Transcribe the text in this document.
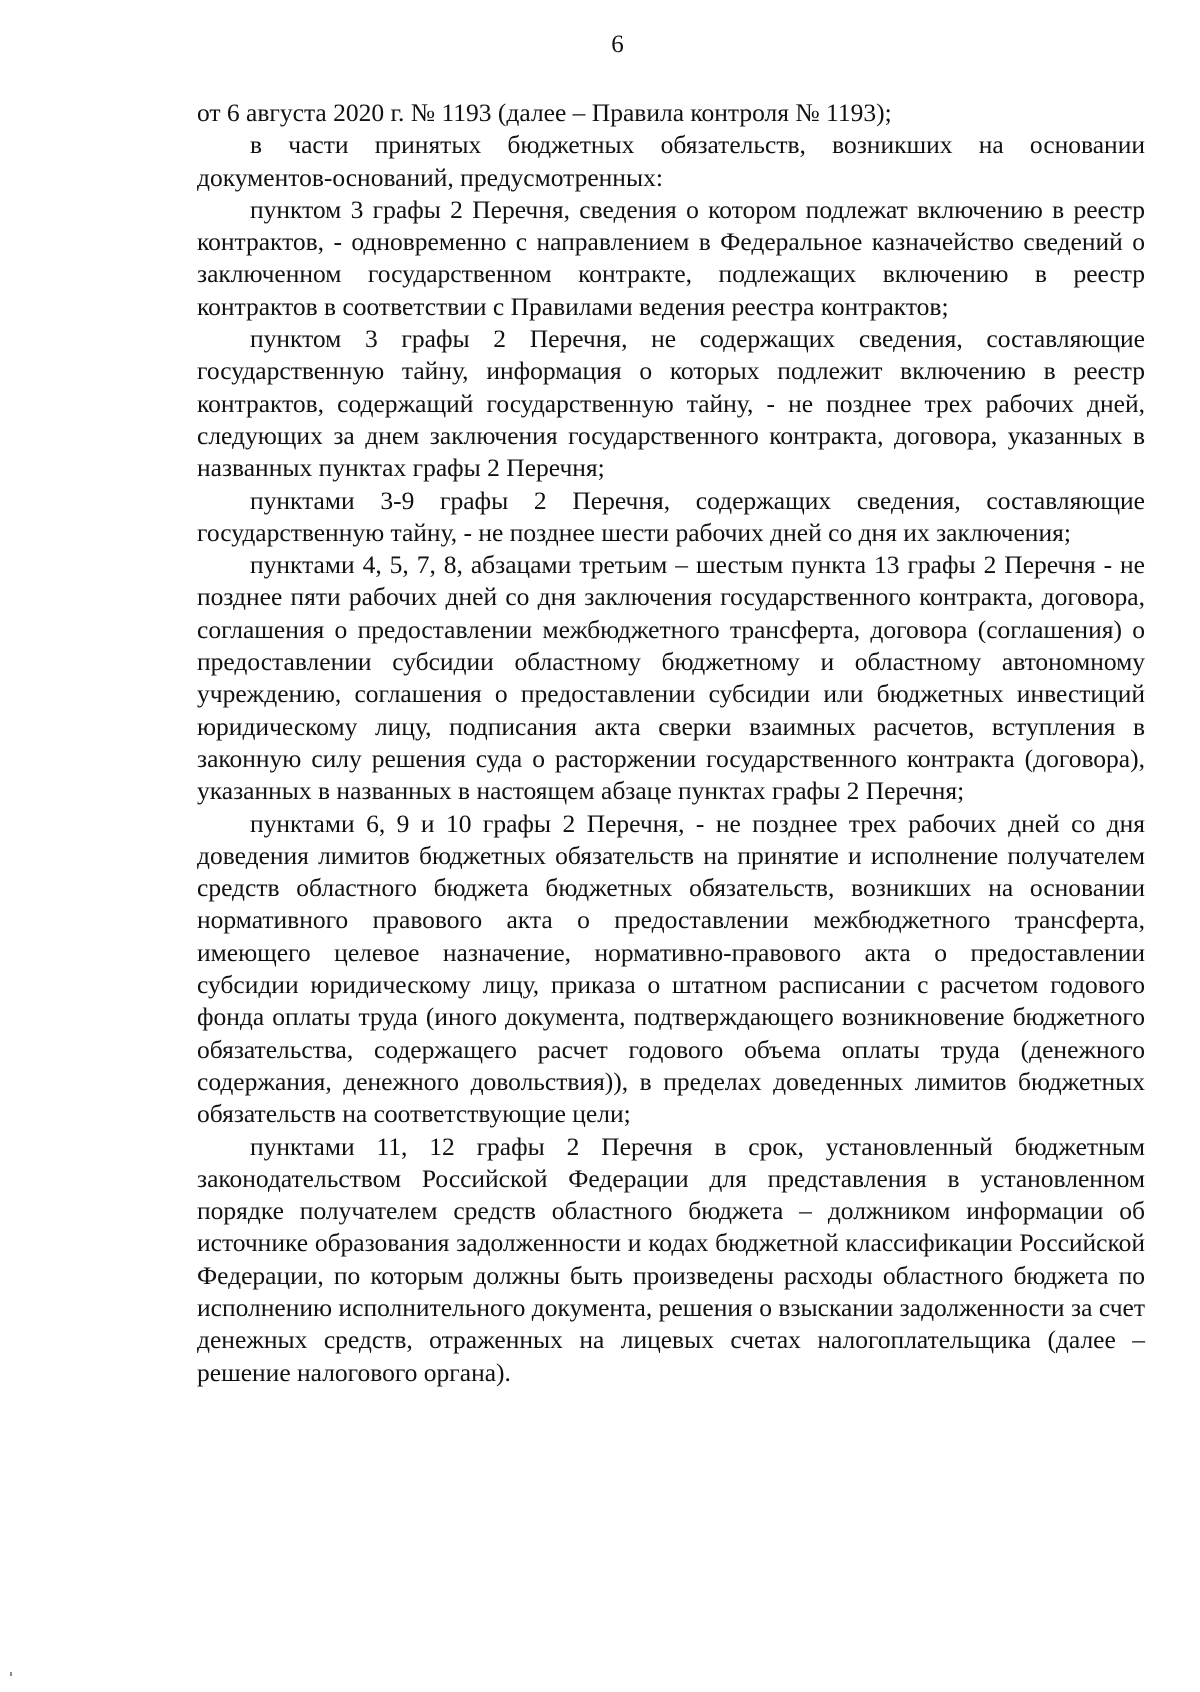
6

от 6 августа 2020 г. № 1193 (далее – Правила контроля № 1193);

в части принятых бюджетных обязательств, возникших на основании документов-оснований, предусмотренных:

пунктом 3 графы 2 Перечня, сведения о котором подлежат включению в реестр контрактов, - одновременно с направлением в Федеральное казначейство сведений о заключенном государственном контракте, подлежащих включению в реестр контрактов в соответствии с Правилами ведения реестра контрактов;

пунктом 3 графы 2 Перечня, не содержащих сведения, составляющие государственную тайну, информация о которых подлежит включению в реестр контрактов, содержащий государственную тайну, - не позднее трех рабочих дней, следующих за днем заключения государственного контракта, договора, указанных в названных пунктах графы 2 Перечня;

пунктами 3-9 графы 2 Перечня, содержащих сведения, составляющие государственную тайну, - не позднее шести рабочих дней со дня их заключения;

пунктами 4, 5, 7, 8, абзацами третьим – шестым пункта 13 графы 2 Перечня - не позднее пяти рабочих дней со дня заключения государственного контракта, договора, соглашения о предоставлении межбюджетного трансферта, договора (соглашения) о предоставлении субсидии областному бюджетному и областному автономному учреждению, соглашения о предоставлении субсидии или бюджетных инвестиций юридическому лицу, подписания акта сверки взаимных расчетов, вступления в законную силу решения суда о расторжении государственного контракта (договора), указанных в названных в настоящем абзаце пунктах графы 2 Перечня;

пунктами 6, 9 и 10 графы 2 Перечня, - не позднее трех рабочих дней со дня доведения лимитов бюджетных обязательств на принятие и исполнение получателем средств областного бюджета бюджетных обязательств, возникших на основании нормативного правового акта о предоставлении межбюджетного трансферта, имеющего целевое назначение, нормативно-правового акта о предоставлении субсидии юридическому лицу, приказа о штатном расписании с расчетом годового фонда оплаты труда (иного документа, подтверждающего возникновение бюджетного обязательства, содержащего расчет годового объема оплаты труда (денежного содержания, денежного довольствия)), в пределах доведенных лимитов бюджетных обязательств на соответствующие цели;

пунктами 11, 12 графы 2 Перечня в срок, установленный бюджетным законодательством Российской Федерации для представления в установленном порядке получателем средств областного бюджета – должником информации об источнике образования задолженности и кодах бюджетной классификации Российской Федерации, по которым должны быть произведены расходы областного бюджета по исполнению исполнительного документа, решения о взыскании задолженности за счет денежных средств, отраженных на лицевых счетах налогоплательщика (далее – решение налогового органа).
